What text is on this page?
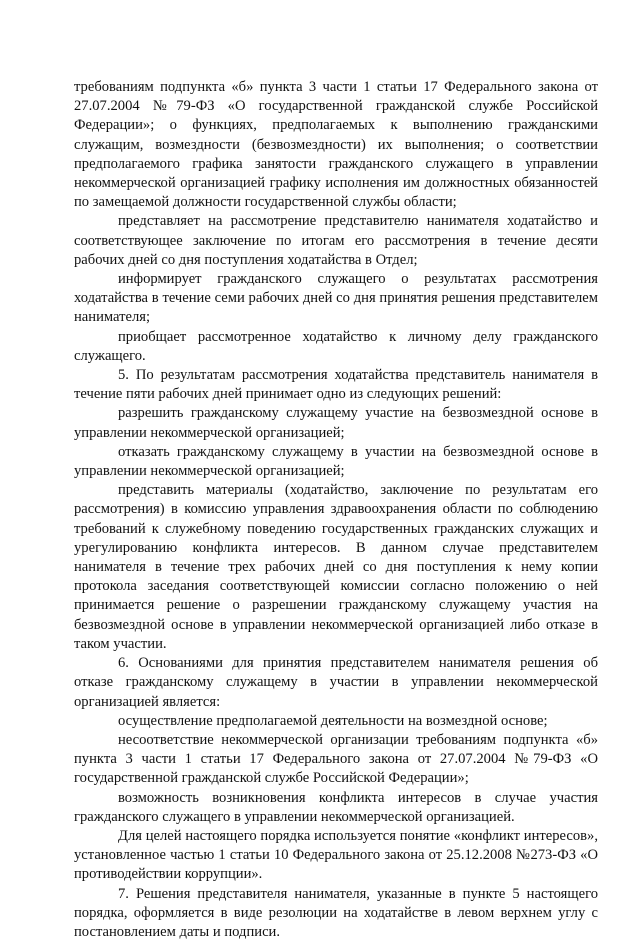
требованиям подпункта «б» пункта 3 части 1 статьи 17 Федерального закона от 27.07.2004 №79-ФЗ «О государственной гражданской службе Российской Федерации»; о функциях, предполагаемых к выполнению гражданскими служащим, возмездности (безвозмездности) их выполнения; о соответствии предполагаемого графика занятости гражданского служащего в управлении некоммерческой организацией графику исполнения им должностных обязанностей по замещаемой должности государственной службы области;

представляет на рассмотрение представителю нанимателя ходатайство и соответствующее заключение по итогам его рассмотрения в течение десяти рабочих дней со дня поступления ходатайства в Отдел;

информирует гражданского служащего о результатах рассмотрения ходатайства в течение семи рабочих дней со дня принятия решения представителем нанимателя;

приобщает рассмотренное ходатайство к личному делу гражданского служащего.

5. По результатам рассмотрения ходатайства представитель нанимателя в течение пяти рабочих дней принимает одно из следующих решений:

разрешить гражданскому служащему участие на безвозмездной основе в управлении некоммерческой организацией;

отказать гражданскому служащему в участии на безвозмездной основе в управлении некоммерческой организацией;

представить материалы (ходатайство, заключение по результатам его рассмотрения) в комиссию управления здравоохранения области по соблюдению требований к служебному поведению государственных гражданских служащих и урегулированию конфликта интересов. В данном случае представителем нанимателя в течение трех рабочих дней со дня поступления к нему копии протокола заседания соответствующей комиссии согласно положению о ней принимается решение о разрешении гражданскому служащему участия на безвозмездной основе в управлении некоммерческой организацией либо отказе в таком участии.

6. Основаниями для принятия представителем нанимателя решения об отказе гражданскому служащему в участии в управлении некоммерческой организацией является:

осуществление предполагаемой деятельности на возмездной основе;

несоответствие некоммерческой организации требованиям подпункта «б» пункта 3 части 1 статьи 17 Федерального закона от 27.07.2004 №79-ФЗ «О государственной гражданской службе Российской Федерации»;

возможность возникновения конфликта интересов в случае участия гражданского служащего в управлении некоммерческой организацией.

Для целей настоящего порядка используется понятие «конфликт интересов», установленное частью 1 статьи 10 Федерального закона от 25.12.2008 №273-ФЗ «О противодействии коррупции».

7. Решения представителя нанимателя, указанные в пункте 5 настоящего порядка, оформляется в виде резолюции на ходатайстве в левом верхнем углу с постановлением даты и подписи.
